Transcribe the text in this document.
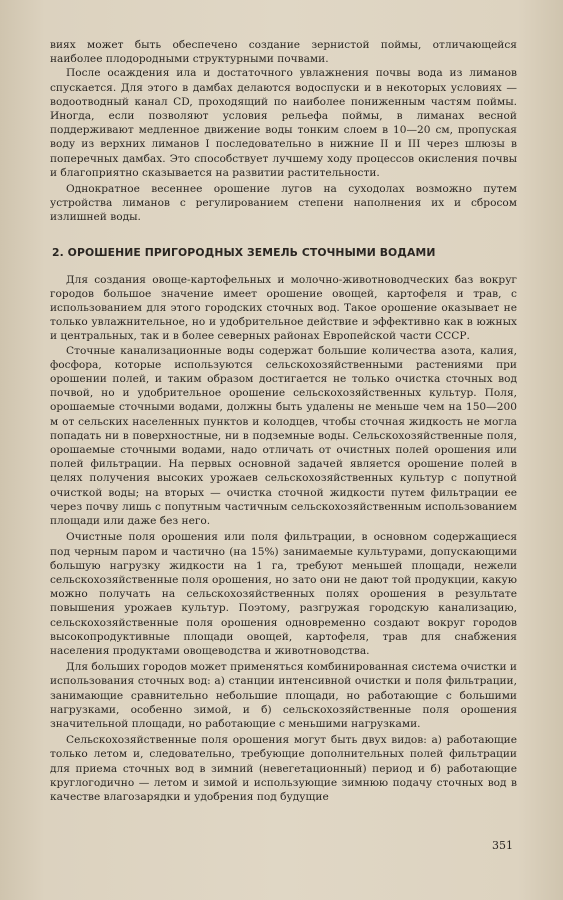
виях может быть обеспечено создание зернистой поймы, отличающейся наиболее плодородными структурными почвами.

После осаждения ила и достаточного увлажнения почвы вода из лиманов спускается. Для этого в дамбах делаются водоспуски и в некоторых условиях — водоотводный канал CD, проходящий по наиболее пониженным частям поймы. Иногда, если позволяют условия рельефа поймы, в лиманах весной поддерживают медленное движение воды тонким слоем в 10—20 см, пропуская воду из верхних лиманов I последовательно в нижние II и III через шлюзы в поперечных дамбах. Это способствует лучшему ходу процессов окисления почвы и благоприятно сказывается на развитии растительности.

Однократное весеннее орошение лугов на суходолах возможно путем устройства лиманов с регулированием степени наполнения их и сбросом излишней воды.

2. ОРОШЕНИЕ ПРИГОРОДНЫХ ЗЕМЕЛЬ СТОЧНЫМИ ВОДАМИ

Для создания овоще-картофельных и молочно-животноводческих баз вокруг городов большое значение имеет орошение овощей, картофеля и трав, с использованием для этого городских сточных вод. Такое орошение оказывает не только увлажнительное, но и удобрительное действие и эффективно как в южных и центральных, так и в более северных районах Европейской части СССР.

Сточные канализационные воды содержат большие количества азота, калия, фосфора, которые используются сельскохозяйственными растениями при орошении полей, и таким образом достигается не только очистка сточных вод почвой, но и удобрительное орошение сельскохозяйственных культур. Поля, орошаемые сточными водами, должны быть удалены не меньше чем на 150—200 м от сельских населенных пунктов и колодцев, чтобы сточная жидкость не могла попадать ни в поверхностные, ни в подземные воды. Сельскохозяйственные поля, орошаемые сточными водами, надо отличать от очистных полей орошения или полей фильтрации. На первых основной задачей является орошение полей в целях получения высоких урожаев сельскохозяйственных культур с попутной очисткой воды; на вторых — очистка сточной жидкости путем фильтрации ее через почву лишь с попутным частичным сельскохозяйственным использованием площади или даже без него.

Очистные поля орошения или поля фильтрации, в основном содержащиеся под черным паром и частично (на 15%) занимаемые культурами, допускающими большую нагрузку жидкости на 1 га, требуют меньшей площади, нежели сельскохозяйственные поля орошения, но зато они не дают той продукции, какую можно получать на сельскохозяйственных полях орошения в результате повышения урожаев культур. Поэтому, разгружая городскую канализацию, сельскохозяйственные поля орошения одновременно создают вокруг городов высокопродуктивные площади овощей, картофеля, трав для снабжения населения продуктами овощеводства и животноводства.

Для больших городов может применяться комбинированная система очистки и использования сточных вод: а) станции интенсивной очистки и поля фильтрации, занимающие сравнительно небольшие площади, но работающие с большими нагрузками, особенно зимой, и б) сельскохозяйственные поля орошения значительной площади, но работающие с меньшими нагрузками.

Сельскохозяйственные поля орошения могут быть двух видов: а) работающие только летом и, следовательно, требующие дополнительных полей фильтрации для приема сточных вод в зимний (невегетационный) период и б) работающие круглогодично — летом и зимой и использующие зимнюю подачу сточных вод в качестве влагозарядки и удобрения под будущие

351
